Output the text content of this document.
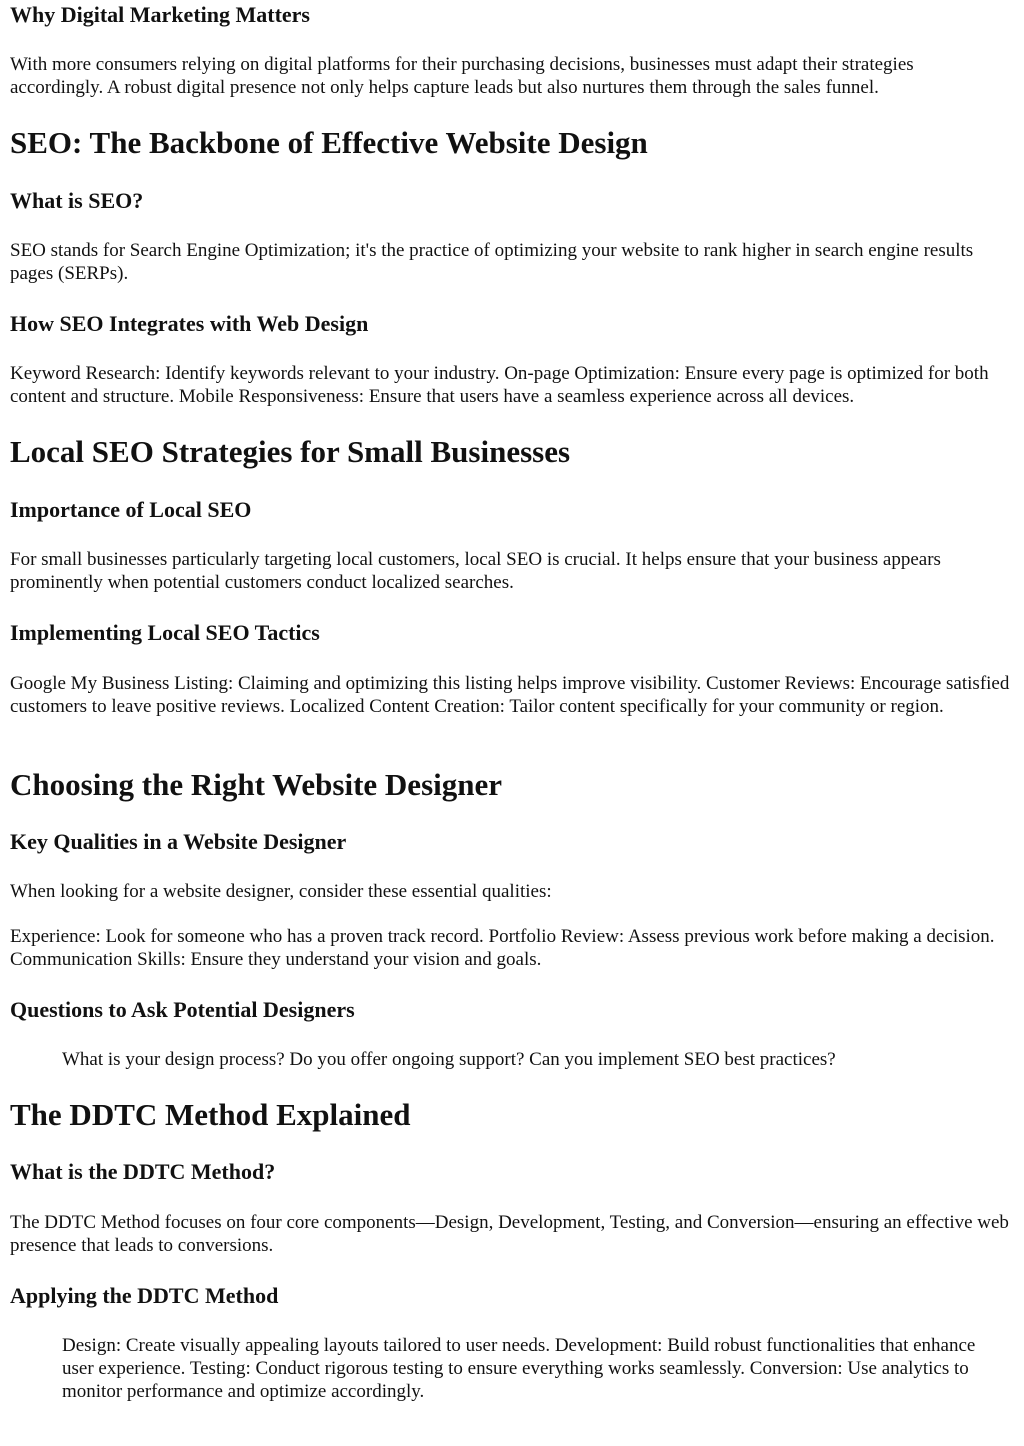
Why Digital Marketing Matters

With more consumers relying on digital platforms for their purchasing decisions, businesses must adapt their strategies accordingly. A robust digital presence not only helps capture leads but also nurtures them through the sales funnel.

SEO: The Backbone of Effective Website Design
What is SEO?

SEO stands for Search Engine Optimization; it's the practice of optimizing your website to rank higher in search engine results pages (SERPs).

How SEO Integrates with Web Design

Keyword Research: Identify keywords relevant to your industry. On-page Optimization: Ensure every page is optimized for both content and structure. Mobile Responsiveness: Ensure that users have a seamless experience across all devices.

Local SEO Strategies for Small Businesses
Importance of Local SEO

For small businesses particularly targeting local customers, local SEO is crucial. It helps ensure that your business appears prominently when potential customers conduct localized searches.

Implementing Local SEO Tactics

Google My Business Listing: Claiming and optimizing this listing helps improve visibility. Customer Reviews: Encourage satisfied customers to leave positive reviews. Localized Content Creation: Tailor content specifically for your community or region.

Choosing the Right Website Designer
Key Qualities in a Website Designer

When looking for a website designer, consider these essential qualities:

Experience: Look for someone who has a proven track record. Portfolio Review: Assess previous work before making a decision. Communication Skills: Ensure they understand your vision and goals.

Questions to Ask Potential Designers

What is your design process? Do you offer ongoing support? Can you implement SEO best practices?

The DDTC Method Explained
What is the DDTC Method?

The DDTC Method focuses on four core components—Design, Development, Testing, and Conversion—ensuring an effective web presence that leads to conversions.

Applying the DDTC Method

Design: Create visually appealing layouts tailored to user needs. Development: Build robust functionalities that enhance user experience. Testing: Conduct rigorous testing to ensure everything works seamlessly. Conversion: Use analytics to monitor performance and optimize accordingly.
